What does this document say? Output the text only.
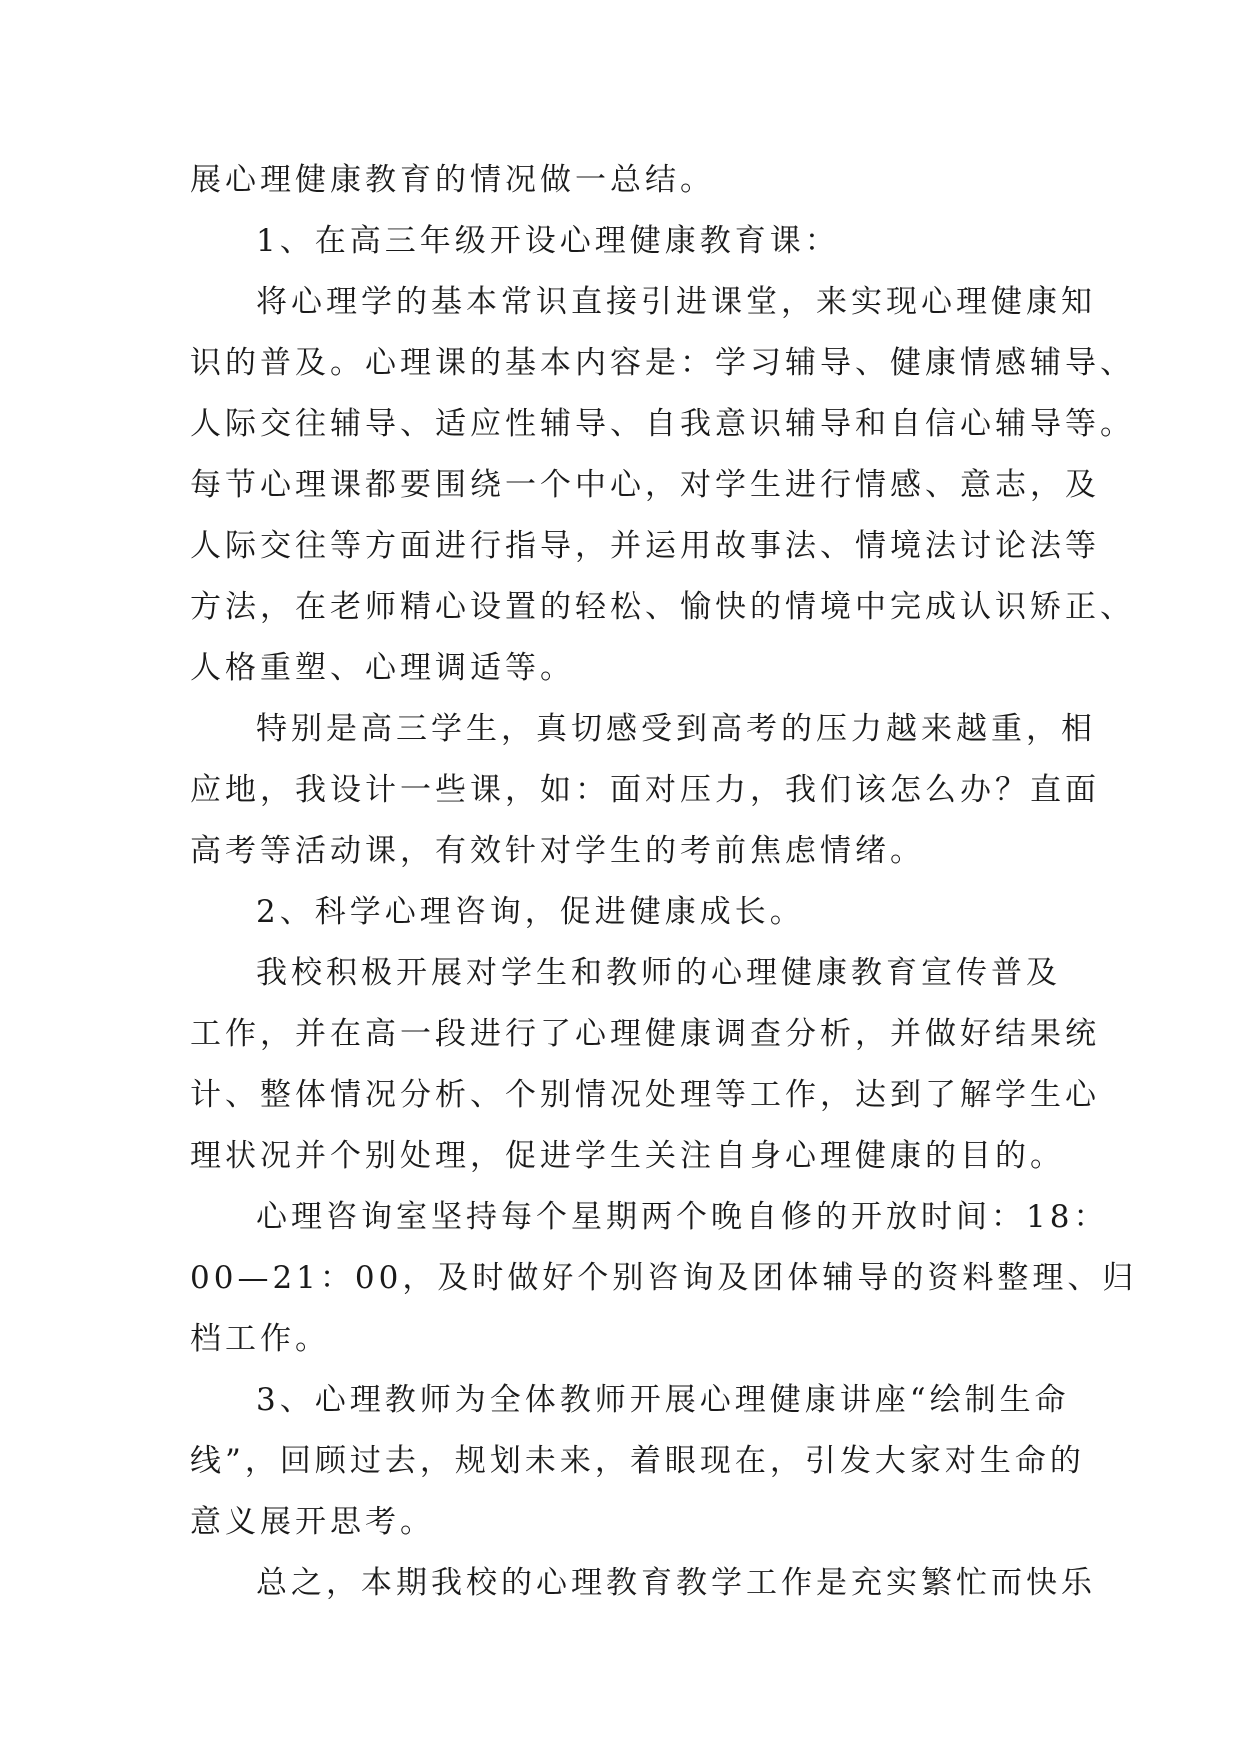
展心理健康教育的情况做一总结。
1、在高三年级开设心理健康教育课：
将心理学的基本常识直接引进课堂，来实现心理健康知
识的普及。心理课的基本内容是：学习辅导、健康情感辅导、
人际交往辅导、适应性辅导、自我意识辅导和自信心辅导等。
每节心理课都要围绕一个中心，对学生进行情感、意志，及
人际交往等方面进行指导，并运用故事法、情境法讨论法等
方法，在老师精心设置的轻松、愉快的情境中完成认识矫正、
人格重塑、心理调适等。
特别是高三学生，真切感受到高考的压力越来越重，相
应地，我设计一些课，如：面对压力，我们该怎么办？直面
高考等活动课，有效针对学生的考前焦虑情绪。
2、科学心理咨询，促进健康成长。
我校积极开展对学生和教师的心理健康教育宣传普及
工作，并在高一段进行了心理健康调查分析，并做好结果统
计、整体情况分析、个别情况处理等工作，达到了解学生心
理状况并个别处理，促进学生关注自身心理健康的目的。
心理咨询室坚持每个星期两个晚自修的开放时间：18：
00—21：00，及时做好个别咨询及团体辅导的资料整理、归
档工作。
3、心理教师为全体教师开展心理健康讲座“绘制生命
线”，回顾过去，规划未来，着眼现在，引发大家对生命的
意义展开思考。
总之，本期我校的心理教育教学工作是充实繁忙而快乐
